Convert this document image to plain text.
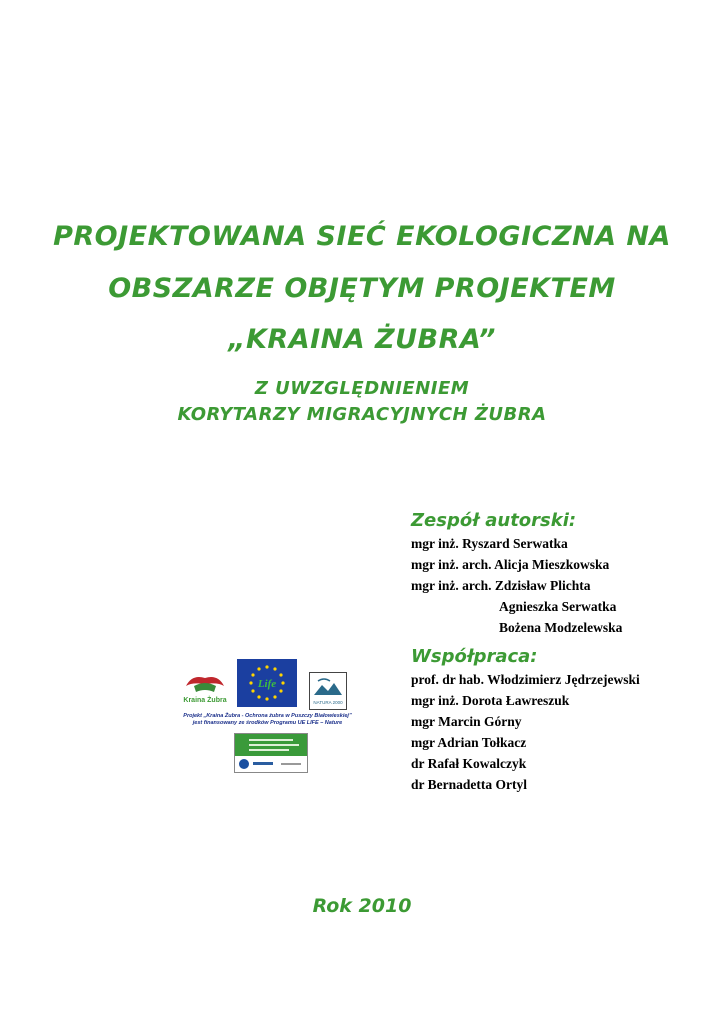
PROJEKTOWANA SIEĆ EKOLOGICZNA NA
OBSZARZE OBJĘTYM PROJEKTEM
„KRAINA ŻUBRA”
Z UWZGLĘDNIENIEM
KORYTARZY MIGRACYJNYCH ŻUBRA
Zespół autorski:
mgr inż. Ryszard Serwatka
mgr inż. arch. Alicja Mieszkowska
mgr inż. arch. Zdzisław Plichta
Agnieszka Serwatka
Bożena Modzelewska
Współpraca:
prof. dr hab. Włodzimierz Jędrzejewski
mgr inż. Dorota Ławreszuk
mgr Marcin Górny
mgr Adrian Tołkacz
dr Rafał Kowalczyk
dr Bernadetta Ortyl
Kraina Żubra
Life
NATURA 2000
Projekt „Kraina Żubra - Ochrona żubra w Puszczy Białowieskiej”
jest finansowany ze środków Programu UE LIFE – Nature
Rok 2010
